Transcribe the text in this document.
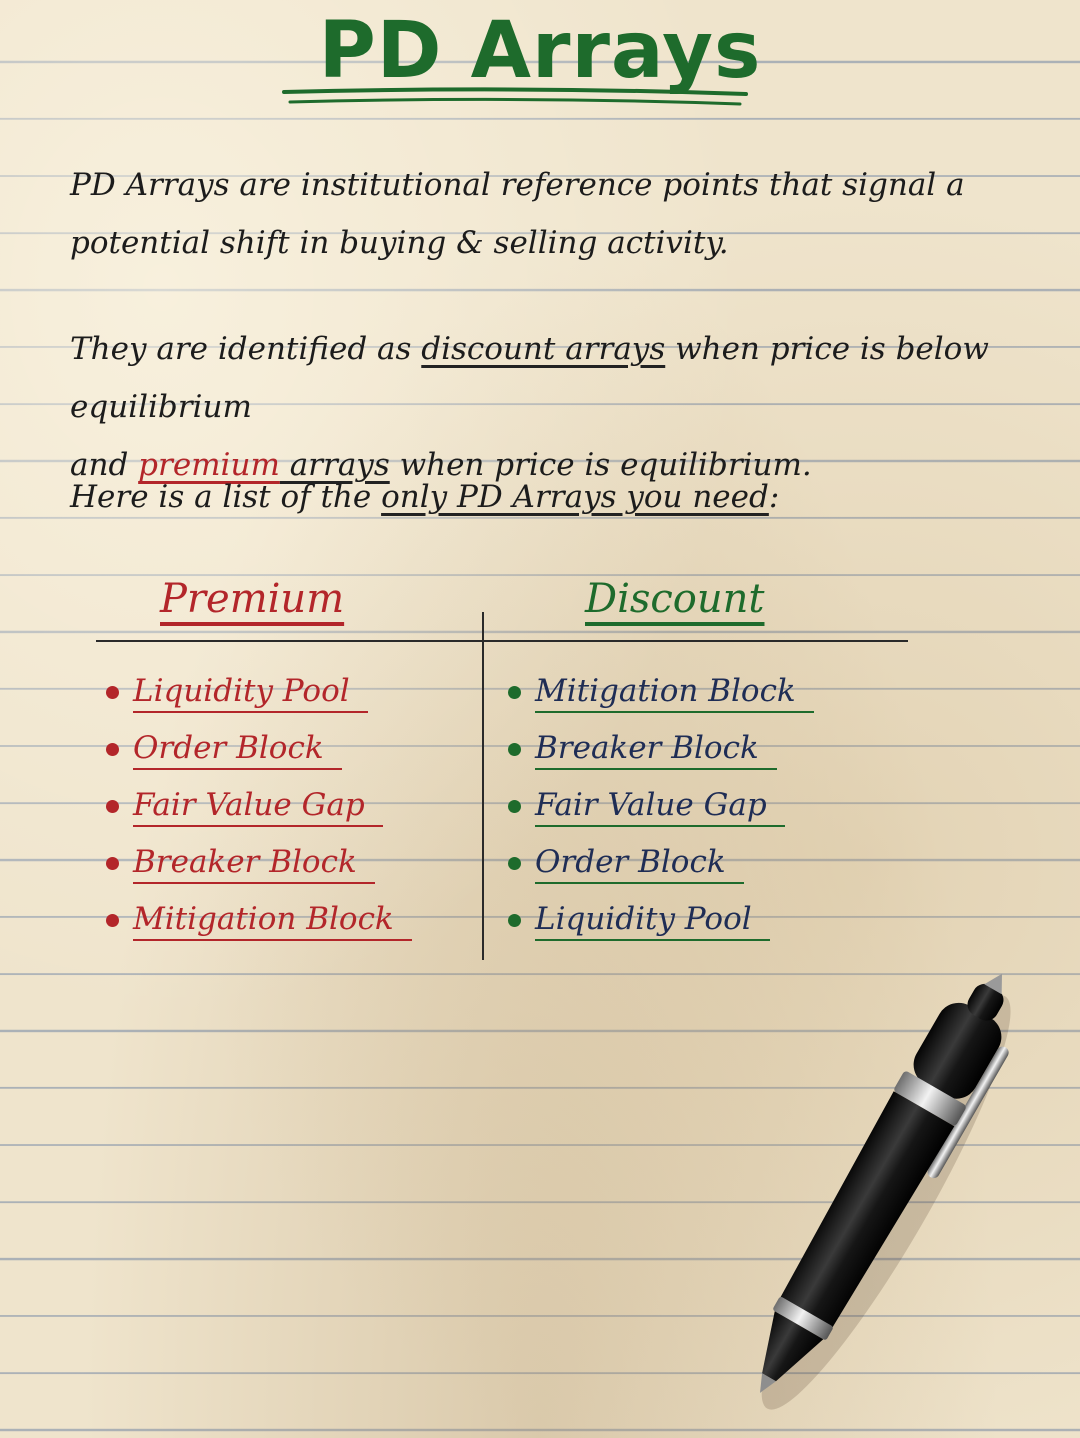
PD Arrays
PD Arrays are institutional reference points that signal a
potential shift in buying & selling activity.
They are identified as discount arrays when price is below equilibrium
and premium arrays when price is equilibrium.
Here is a list of the only PD Arrays you need:
Premium	Discount
Liquidity Pool
Order Block
Fair Value Gap
Breaker Block
Mitigation Block
Mitigation Block
Breaker Block
Fair Value Gap
Order Block
Liquidity Pool
